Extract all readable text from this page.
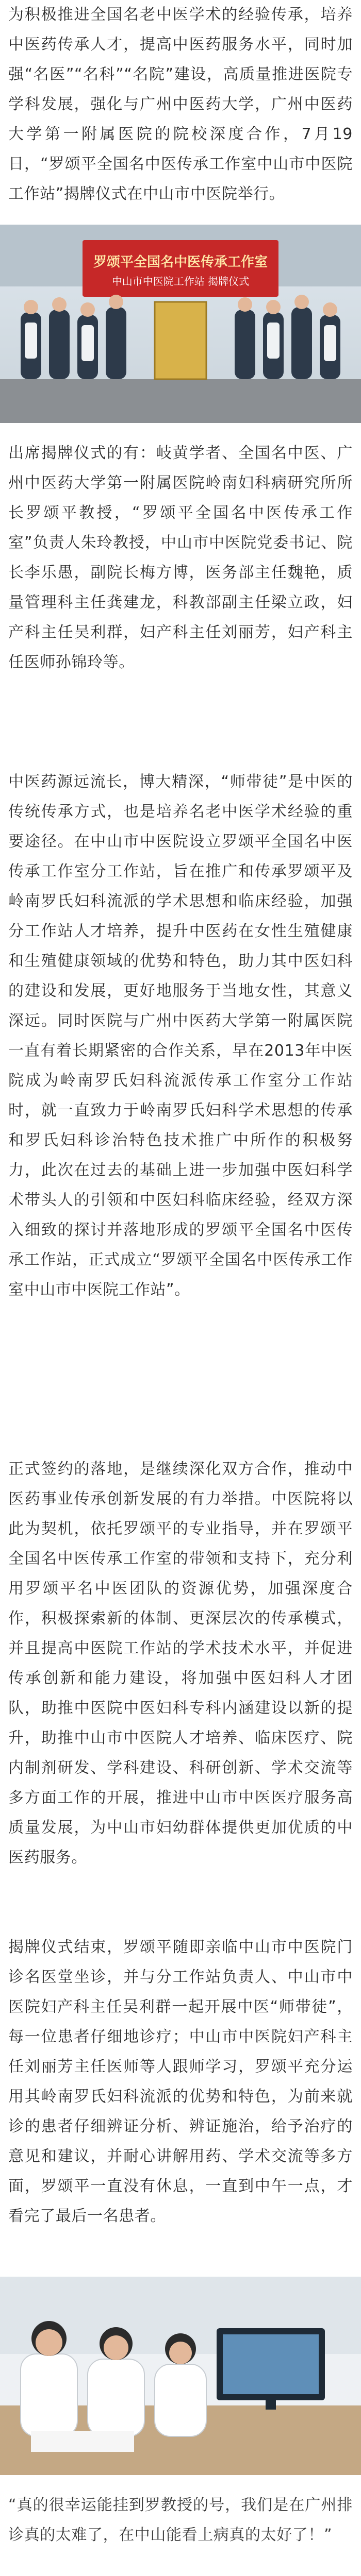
为积极推进全国名老中医学术的经验传承，培养中医药传承人才，提高中医药服务水平，同时加强“名医”“名科”“名院”建设，高质量推进医院专学科发展，强化与广州中医药大学，广州中医药大学第一附属医院的院校深度合作，7月19日，“罗颂平全国名中医传承工作室中山市中医院工作站”揭牌仪式在中山市中医院举行。

罗颂平全国名中医传承工作室
中山市中医院工作站 揭牌仪式

出席揭牌仪式的有：岐黄学者、全国名中医、广州中医药大学第一附属医院岭南妇科病研究所所长罗颂平教授，“罗颂平全国名中医传承工作室”负责人朱玲教授，中山市中医院党委书记、院长李乐愚，副院长梅方博，医务部主任魏艳，质量管理科主任龚建龙，科教部副主任梁立政，妇产科主任吴利群，妇产科主任刘丽芳，妇产科主任医师孙锦玲等。

中医药源远流长，博大精深，“师带徒”是中医的传统传承方式，也是培养名老中医学术经验的重要途径。在中山市中医院设立罗颂平全国名中医传承工作室分工作站，旨在推广和传承罗颂平及岭南罗氏妇科流派的学术思想和临床经验，加强分工作站人才培养，提升中医药在女性生殖健康和生殖健康领域的优势和特色，助力其中医妇科的建设和发展，更好地服务于当地女性，其意义深远。同时医院与广州中医药大学第一附属医院一直有着长期紧密的合作关系，早在2013年中医院成为岭南罗氏妇科流派传承工作室分工作站时，就一直致力于岭南罗氏妇科学术思想的传承和罗氏妇科诊治特色技术推广中所作的积极努力，此次在过去的基础上进一步加强中医妇科学术带头人的引领和中医妇科临床经验，经双方深入细致的探讨并落地形成的罗颂平全国名中医传承工作站，正式成立“罗颂平全国名中医传承工作室中山市中医院工作站”。

正式签约的落地，是继续深化双方合作，推动中医药事业传承创新发展的有力举措。中医院将以此为契机，依托罗颂平的专业指导，并在罗颂平全国名中医传承工作室的带领和支持下，充分利用罗颂平名中医团队的资源优势，加强深度合作，积极探索新的体制、更深层次的传承模式，并且提高中医院工作站的学术技术水平，并促进传承创新和能力建设，将加强中医妇科人才团队，助推中医院中医妇科专科内涵建设以新的提升，助推中山市中医院人才培养、临床医疗、院内制剂研发、学科建设、科研创新、学术交流等多方面工作的开展，推进中山市中医医疗服务高质量发展，为中山市妇幼群体提供更加优质的中医药服务。

揭牌仪式结束，罗颂平随即亲临中山市中医院门诊名医堂坐诊，并与分工作站负责人、中山市中医院妇产科主任吴利群一起开展中医“师带徒”，每一位患者仔细地诊疗；中山市中医院妇产科主任刘丽芳主任医师等人跟师学习，罗颂平充分运用其岭南罗氏妇科流派的优势和特色，为前来就诊的患者仔细辨证分析、辨证施治，给予治疗的意见和建议，并耐心讲解用药、学术交流等多方面，罗颂平一直没有休息，一直到中午一点，才看完了最后一名患者。

“真的很幸运能挂到罗教授的号，我们是在广州排诊真的太难了，在中山能看上病真的太好了！”
